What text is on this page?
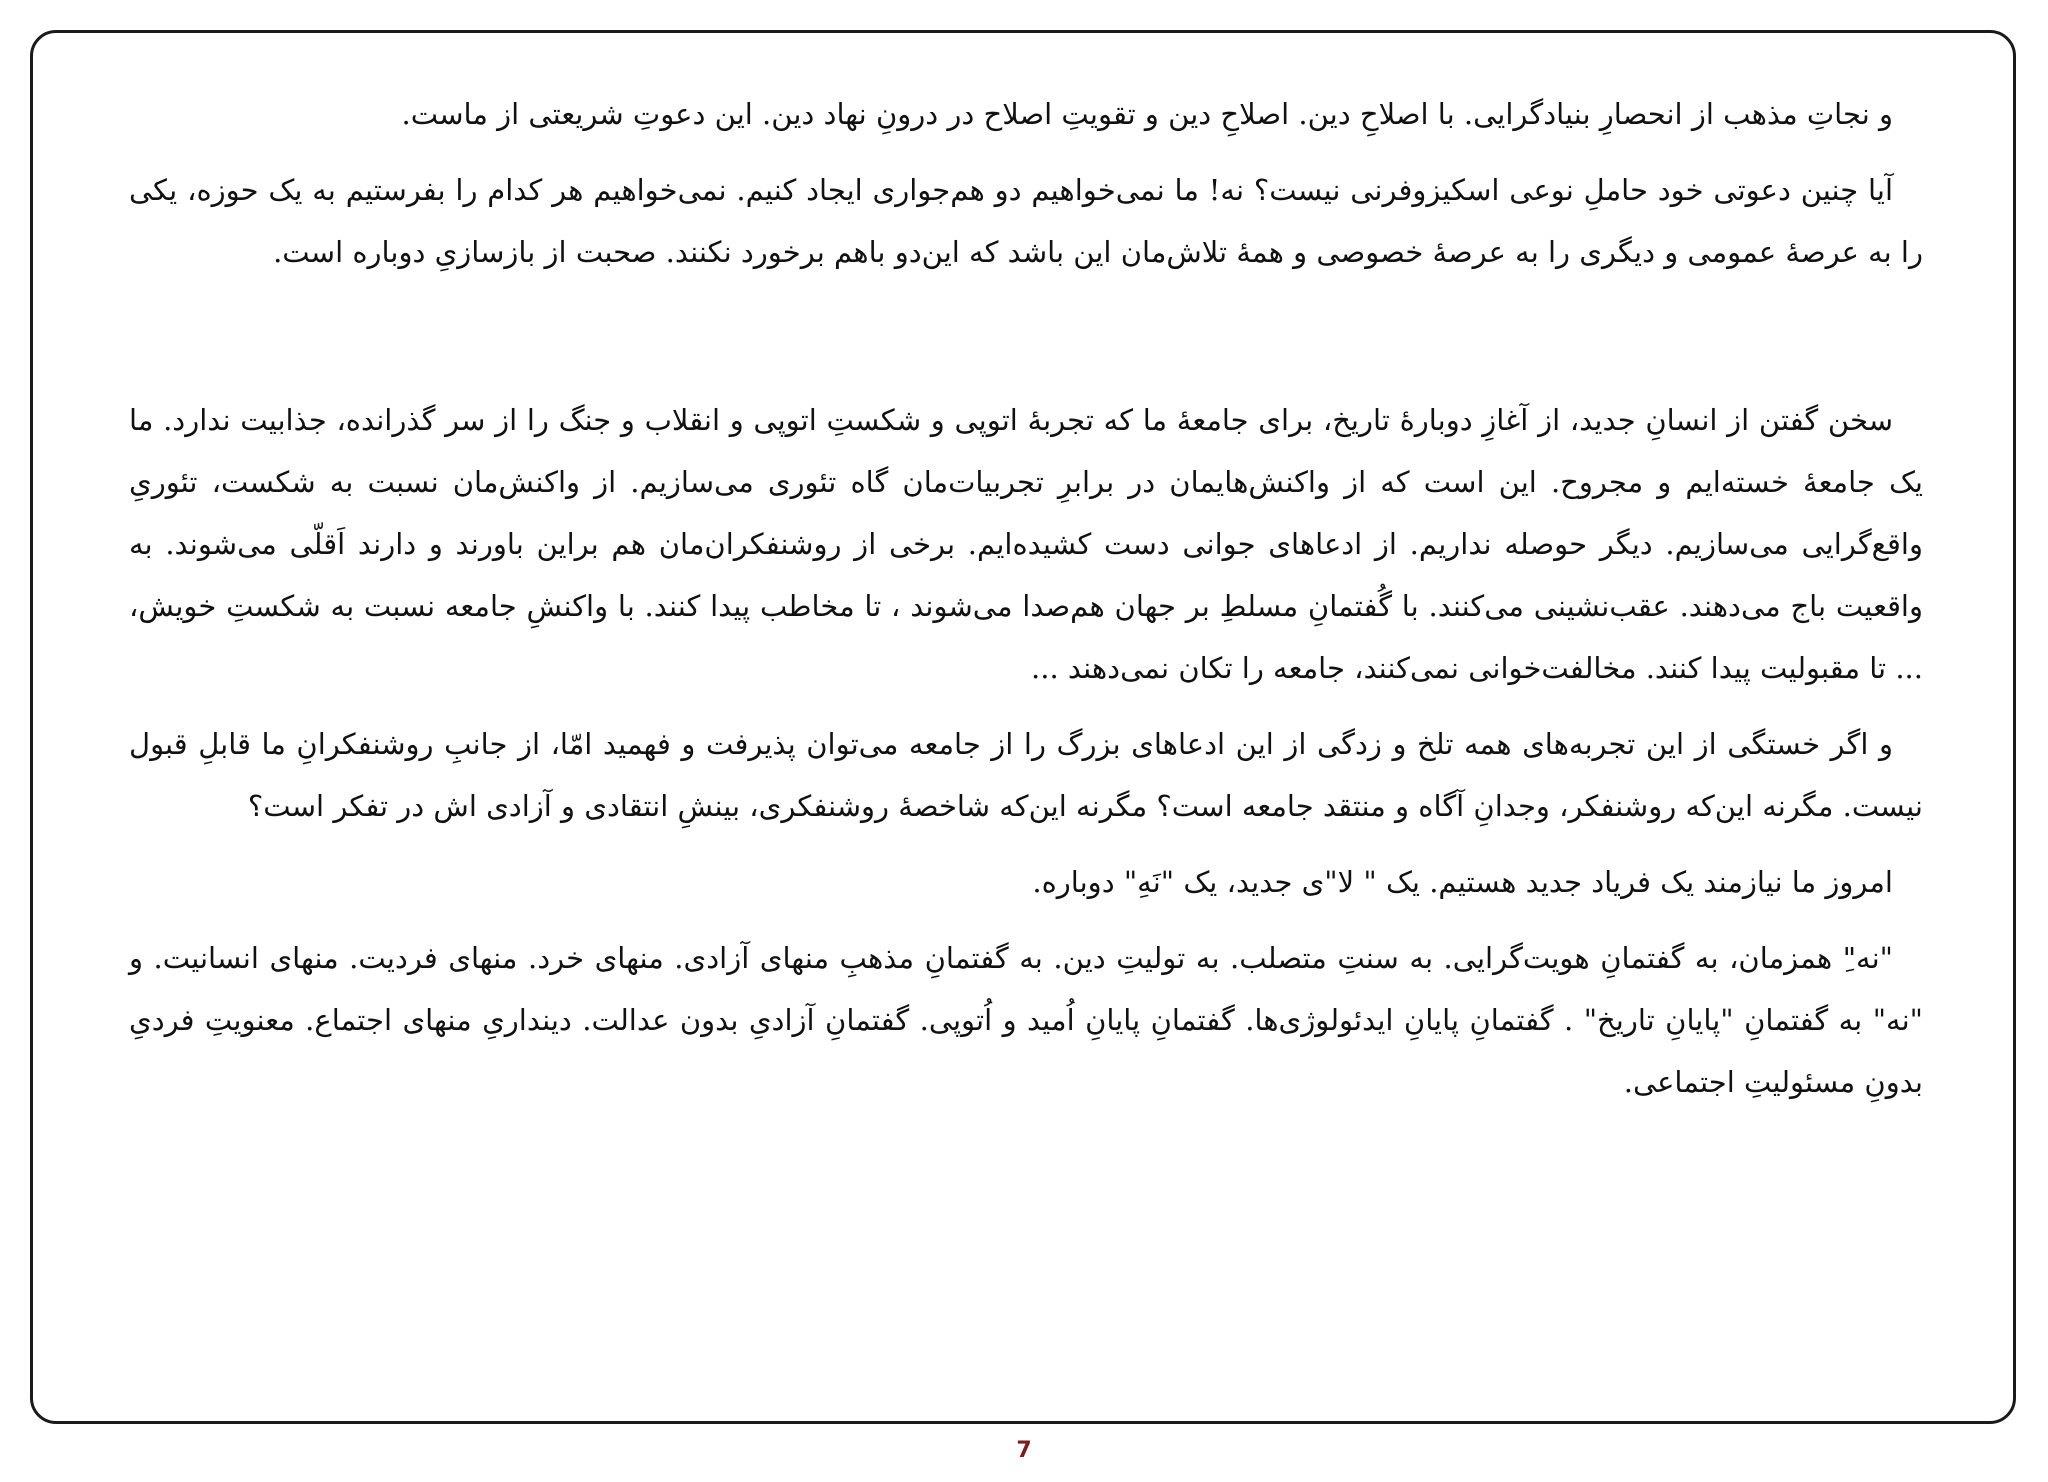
و نجاتِ مذهب از انحصارِ بنیادگرایی. با اصلاحِ دین. اصلاحِ دین و تقویتِ اصلاح در درونِ نهاد دین. این دعوتِ شریعتی از ماست.

آیا چنین دعوتی خود حاملِ نوعی اسکیزوفرنی نیست؟ نه! ما نمی‌خواهیم دو هم‌جواری ایجاد کنیم. نمی‌خواهیم هر کدام را بفرستیم به یک حوزه، یکی را به عرصهٔ عمومی و دیگری را به عرصهٔ خصوصی و همهٔ تلاش‌مان این باشد که این‌دو باهم برخورد نکنند. صحبت از بازسازیِ دوباره است.

سخن گفتن از انسانِ جدید، از آغازِ دوبارهٔ تاریخ، برای جامعهٔ ما که تجربهٔ اتوپی و شکستِ اتوپی و انقلاب و جنگ را از سر گذرانده، جذابیت ندارد. ما یک جامعهٔ خسته‌ایم و مجروح. این است که از واکنش‌هایمان در برابرِ تجربیات‌مان گاه تئوری می‌سازیم. از واکنش‌مان نسبت به شکست، تئوریِ واقع‌گرایی می‌سازیم. دیگر حوصله نداریم. از ادعاهای جوانی دست کشیده‌ایم. برخی از روشنفکران‌مان هم براین باورند و دارند اَقلّی می‌شوند. به واقعیت باج می‌دهند. عقب‌نشینی می‌کنند. با گُفتمانِ مسلطِ بر جهان هم‌صدا می‌شوند ، تا مخاطب پیدا کنند. با واکنشِ جامعه نسبت به شکستِ خویش، ... تا مقبولیت پیدا کنند. مخالفت‌خوانی نمی‌کنند، جامعه را تکان نمی‌دهند ...

و اگر خستگی از این تجربه‌های همه تلخ و زدگی از این ادعاهای بزرگ را از جامعه می‌توان پذیرفت و فهمید امّا، از جانبِ روشنفکرانِ ما قابلِ قبول نیست. مگرنه این‌که روشنفکر، وجدانِ آگاه و منتقد جامعه است؟ مگرنه این‌که شاخصهٔ روشنفکری، بینشِ انتقادی و آزادی اش در تفکر است؟

امروز ما نیازمند یک فریاد جدید هستیم. یک " لا"ی جدید، یک "نَهِ" دوباره.

"نه"ِ همزمان، به گفتمانِ هویت‌گرایی. به سنتِ متصلب. به تولیتِ دین. به گفتمانِ مذهبِ منهای آزادی. منهای خرد. منهای فردیت. منهای انسانیت. و "نه" به گفتمانِ "پایانِ تاریخ" . گفتمانِ پایانِ ایدئولوژی‌ها. گفتمانِ پایانِ اُمید و اُتوپی. گفتمانِ آزادیِ بدون عدالت. دینداریِ منهای اجتماع. معنویتِ فردیِ بدونِ مسئولیتِ اجتماعی.

7
